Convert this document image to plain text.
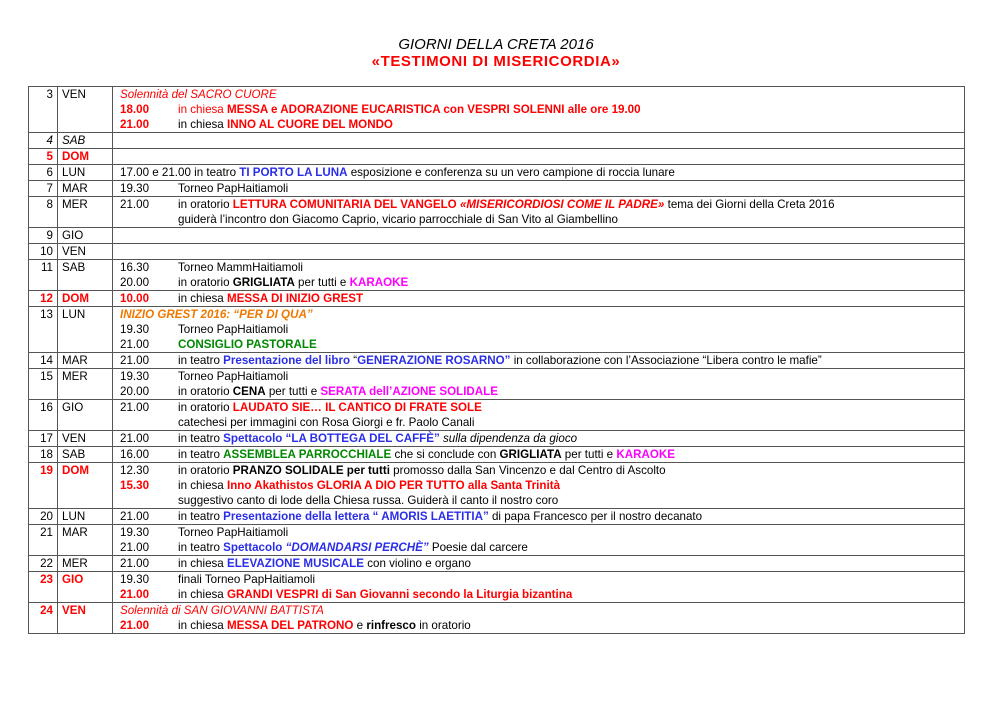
GIORNI DELLA CRETA 2016
«TESTIMONI DI MISERICORDIA»
3	VEN	Solennità del SACRO CUORE
18.00 in chiesa MESSA e ADORAZIONE EUCARISTICA con VESPRI SOLENNI alle ore 19.00
21.00 in chiesa INNO AL CUORE DEL MONDO

4	SAB	
5	DOM	
6	LUN	17.00 e 21.00 in teatro TI PORTO LA LUNA esposizione e conferenza su un vero campione di roccia lunare

7	MAR	19.30 Torneo PapHaitiamoli

8	MER	21.00 in oratorio LETTURA COMUNITARIA DEL VANGELO «MISERICORDIOSI COME IL PADRE» tema dei Giorni della Creta 2016
guiderà l’incontro don Giacomo Caprio, vicario parrocchiale di San Vito al Giambellino

9	GIO	
10	VEN	
11	SAB	16.30 Torneo MammHaitiamoli
20.00 in oratorio GRIGLIATA per tutti e KARAOKE

12	DOM	10.00 in chiesa MESSA DI INIZIO GREST

13	LUN	INIZIO GREST 2016: “PER DI QUA”
19.30 Torneo PapHaitiamoli
21.00 CONSIGLIO PASTORALE

14	MAR	21.00 in teatro Presentazione del libro “GENERAZIONE ROSARNO” in collaborazione con l’Associazione “Libera contro le mafie”

15	MER	19.30 Torneo PapHaitiamoli
20.00 in oratorio CENA per tutti e SERATA dell’AZIONE SOLIDALE

16	GIO	21.00 in oratorio LAUDATO SIE… IL CANTICO DI FRATE SOLE
catechesi per immagini con Rosa Giorgi e fr. Paolo Canali

17	VEN	21.00 in teatro Spettacolo “LA BOTTEGA DEL CAFFÈ” sulla dipendenza da gioco

18	SAB	16.00 in teatro ASSEMBLEA PARROCCHIALE che si conclude con GRIGLIATA per tutti e KARAOKE

19	DOM	12.30 in oratorio PRANZO SOLIDALE per tutti promosso dalla San Vincenzo e dal Centro di Ascolto
15.30 in chiesa Inno Akathistos GLORIA A DIO PER TUTTO alla Santa Trinità
suggestivo canto di lode della Chiesa russa. Guiderà il canto il nostro coro

20	LUN	21.00 in teatro Presentazione della lettera “ AMORIS LAETITIA” di papa Francesco per il nostro decanato

21	MAR	19.30 Torneo PapHaitiamoli
21.00 in teatro Spettacolo “DOMANDARSI PERCHÈ” Poesie dal carcere

22	MER	21.00 in chiesa ELEVAZIONE MUSICALE con violino e organo

23	GIO	19.30 finali Torneo PapHaitiamoli
21.00 in chiesa GRANDI VESPRI di San Giovanni secondo la Liturgia bizantina

24	VEN	Solennità di SAN GIOVANNI BATTISTA
21.00 in chiesa MESSA DEL PATRONO e rinfresco in oratorio
